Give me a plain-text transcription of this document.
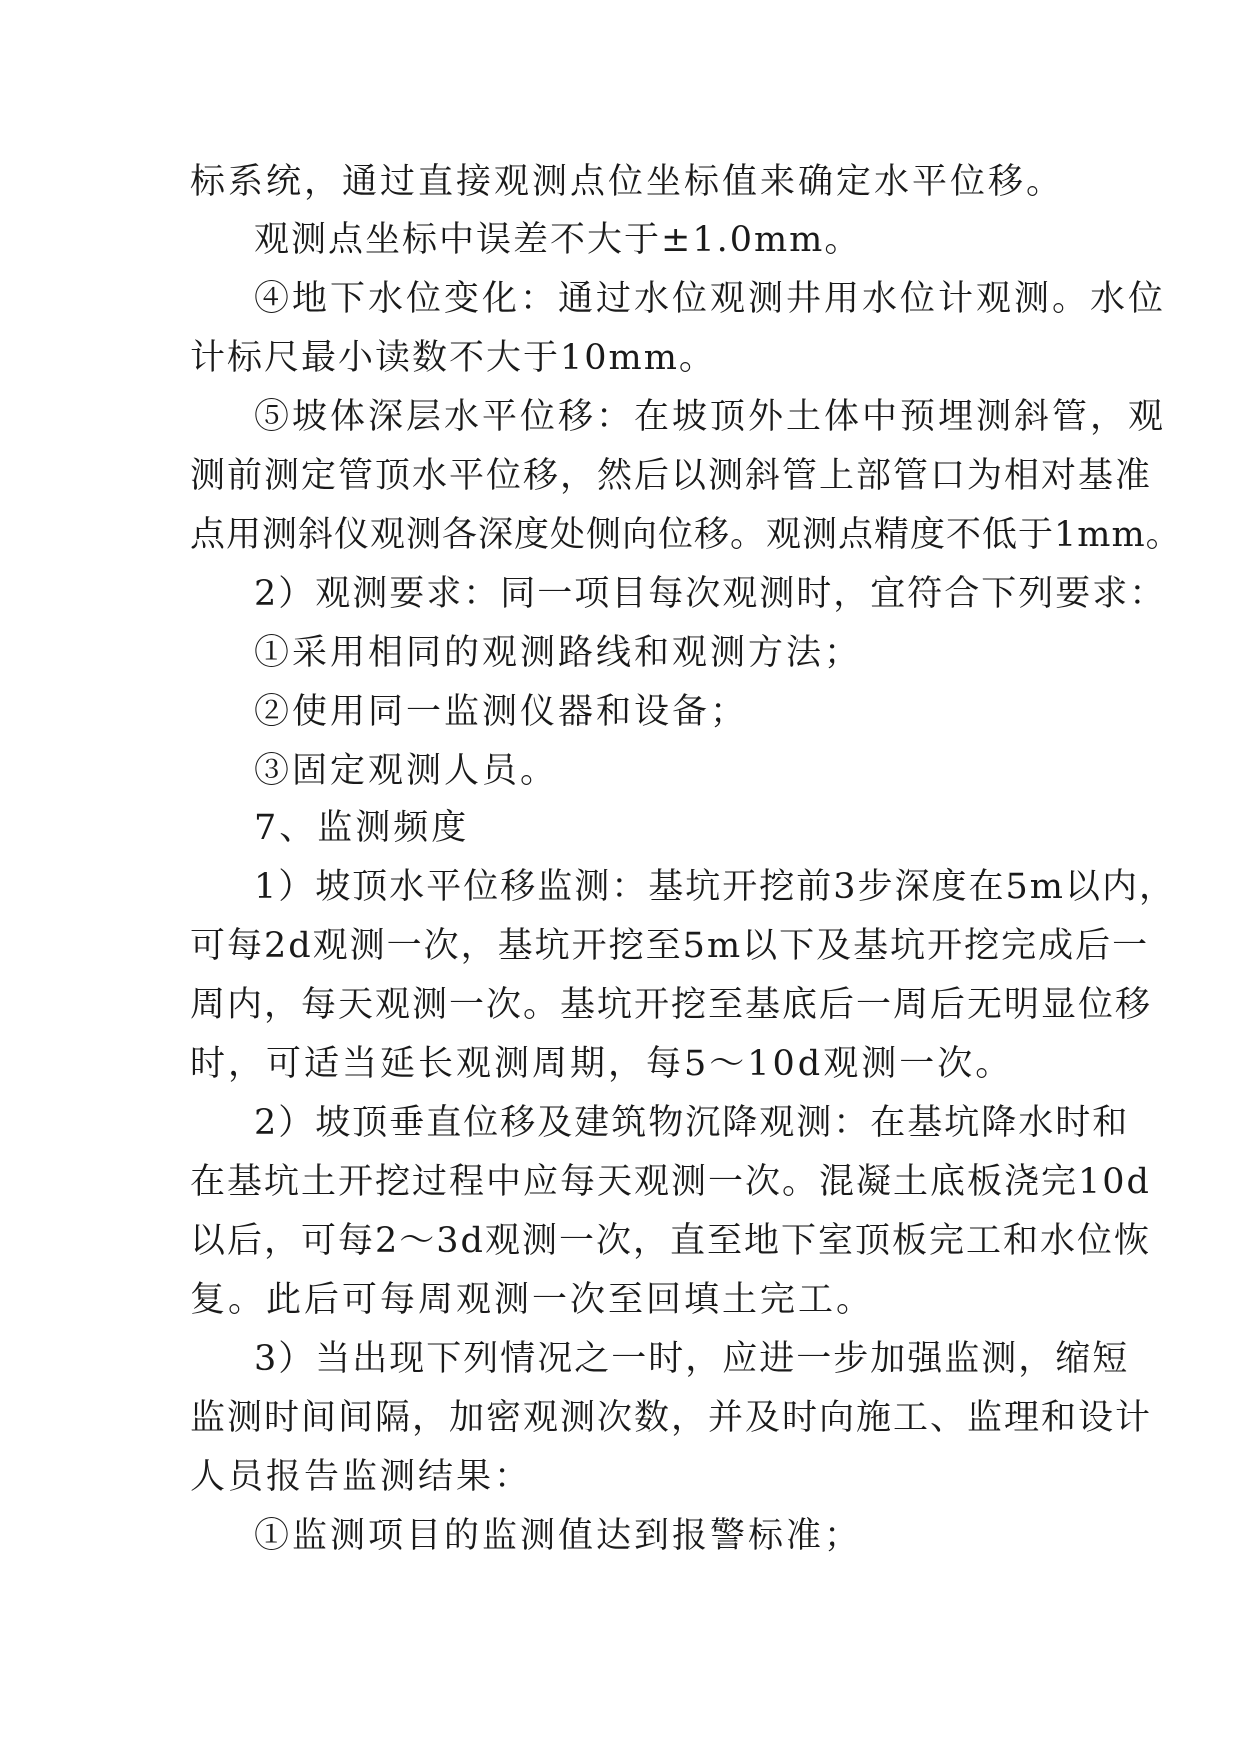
标系统，通过直接观测点位坐标值来确定水平位移。

观测点坐标中误差不大于±1.0mm。

④地下水位变化：通过水位观测井用水位计观测。水位

计标尺最小读数不大于10mm。

⑤坡体深层水平位移：在坡顶外土体中预埋测斜管，观

测前测定管顶水平位移，然后以测斜管上部管口为相对基准

点用测斜仪观测各深度处侧向位移。观测点精度不低于1mm。

2）观测要求：同一项目每次观测时，宜符合下列要求：

①采用相同的观测路线和观测方法；

②使用同一监测仪器和设备；

③固定观测人员。

7、监测频度

1）坡顶水平位移监测：基坑开挖前3步深度在5m以内，

可每2d观测一次，基坑开挖至5m以下及基坑开挖完成后一

周内，每天观测一次。基坑开挖至基底后一周后无明显位移

时，可适当延长观测周期，每5～10d观测一次。

2）坡顶垂直位移及建筑物沉降观测：在基坑降水时和

在基坑土开挖过程中应每天观测一次。混凝土底板浇完10d

以后，可每2～3d观测一次，直至地下室顶板完工和水位恢

复。此后可每周观测一次至回填土完工。

3）当出现下列情况之一时，应进一步加强监测，缩短

监测时间间隔，加密观测次数，并及时向施工、监理和设计

人员报告监测结果：

①监测项目的监测值达到报警标准；
